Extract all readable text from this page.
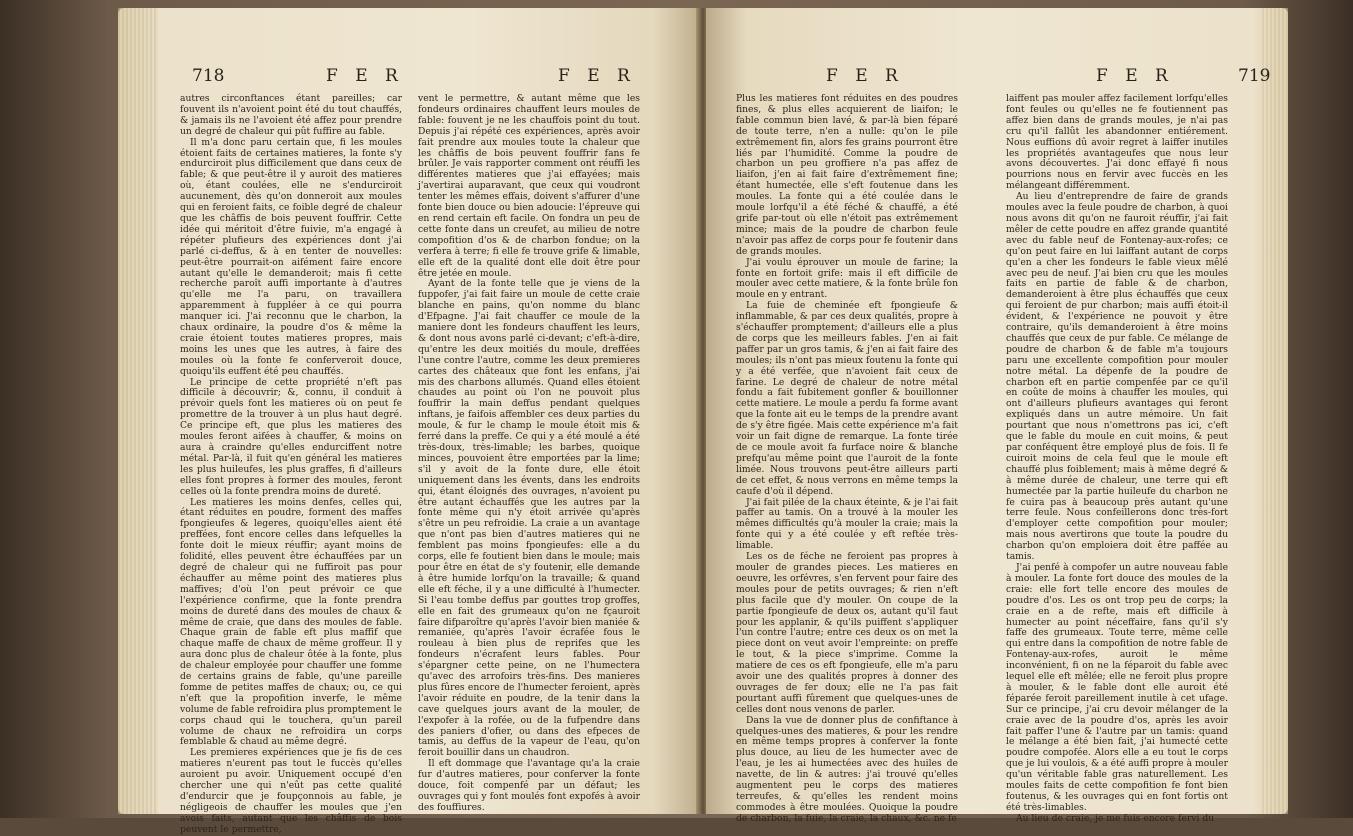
718	F E R	F E R

autres circonftances étant pareilles; car fouvent ils n'avoient point été du tout chauffés, & jamais ils ne l'avoient été affez pour prendre un degré de chaleur qui pût fuffire au fable.

Il m'a donc paru certain que, fi les moules étoient faits de certaines matieres, la fonte s'y endurciroit plus difficilement que dans ceux de fable; & que peut-être il y auroit des matieres où, étant coulées, elle ne s'endurciroit aucunement, dès qu'on donneroit aux moules qui en feroient faits, ce foible degré de chaleur que les châffis de bois peuvent fouffrir. Cette idée qui méritoit d'être fuivie, m'a engagé à répéter plufieurs des expériences dont j'ai parlé ci-deffus, & à en tenter de nouvelles: peut-être pourrait-on aifément faire encore autant qu'elle le demanderoit; mais fi cette recherche paroît auffi importante à d'autres qu'elle me l'a paru, on travaillera apparemment à fuppléer à ce qui pourra manquer ici. J'ai reconnu que le charbon, la chaux ordinaire, la poudre d'os & même la craie étoient toutes matieres propres, mais moins les unes que les autres, à faire des moules où la fonte fe conferveroit douce, quoiqu'ils euffent été peu chauffés.

Le principe de cette propriété n'eft pas difficile à découvrir; &, connu, il conduit à prévoir quels font les matieres où on peut fe promettre de la trouver à un plus haut degré. Ce principe eft, que plus les matieres des moules feront aifées à chauffer, & moins on aura à craindre qu'elles endurciffent notre métal. Par-là, il fuit qu'en général les matieres les plus huileufes, les plus graffes, fi d'ailleurs elles font propres à former des moules, feront celles où la fonte prendra moins de dureté.

Les matieres les moins denfes, celles qui, étant réduites en poudre, forment des maffes fpongieufes & legeres, quoiqu'elles aient été preffées, font encore celles dans lefquelles la fonte doit le mieux réuffir; ayant moins de folidité, elles peuvent être échauffées par un degré de chaleur qui ne fuffiroit pas pour échauffer au même point des matieres plus maffives; d'où l'on peut prévoir ce que l'expérience confirme, que la fonte prendra moins de dureté dans des moules de chaux & même de craie, que dans des moules de fable. Chaque grain de fable eft plus maffif que chaque maffe de chaux de même groffeur. Il y aura donc plus de chaleur ôtée à la fonte, plus de chaleur employée pour chauffer une fomme de certains grains de fable, qu'une pareille fomme de petites maffes de chaux; ou, ce qui n'eft que la propofition inverfe, le même volume de fable refroidira plus promptement le corps chaud qui le touchera, qu'un pareil volume de chaux ne refroidira un corps femblable & chaud au même degré.

Les premieres expériences que je fis de ces matieres n'eurent pas tout le fuccès qu'elles auroient pu avoir. Uniquement occupé d'en chercher une qui n'eût pas cette qualité d'endurcir que je foupçonnois au fable, je négligeois de chauffer les moules que j'en avois faits, autant que les châffis de bois peuvent le permettre,

vent le permettre, & autant même que les fondeurs ordinaires chauffent leurs moules de fable: fouvent je ne les chauffois point du tout. Depuis j'ai répété ces expériences, après avoir fait prendre aux moules toute la chaleur que les châffis de bois peuvent fouffrir fans fe brûler. Je vais rapporter comment ont réuffi les différentes matieres que j'ai effayées; mais j'avertirai auparavant, que ceux qui voudront tenter les mêmes effais, doivent s'affurer d'une fonte bien douce ou bien adoucie: l'épreuve qui en rend certain eft facile. On fondra un peu de cette fonte dans un creufet, au milieu de notre compofition d'os & de charbon fondue; on la verfera à terre; fi elle fe trouve grife & limable, elle eft de la qualité dont elle doit être pour être jetée en moule.

Ayant de la fonte telle que je viens de la fuppofer, j'ai fait faire un moule de cette craie blanche en pains, qu'on nomme du blanc d'Efpagne. J'ai fait chauffer ce moule de la maniere dont les fondeurs chauffent les leurs, & dont nous avons parlé ci-devant; c'eft-à-dire, qu'entre les deux moitiés du moule, dreffées l'une contre l'autre, comme les deux premieres cartes des châteaux que font les enfans, j'ai mis des charbons allumés. Quand elles étoient chaudes au point où l'on ne pouvoit plus fouffrir la main deffus pendant quelques inftans, je faifois affembler ces deux parties du moule, & fur le champ le moule étoit mis & ferré dans la preffe. Ce qui y a été moulé a été très-doux, très-limable; les barbes, quoique minces, pouvoient être emportées par la lime; s'il y avoit de la fonte dure, elle étoit uniquement dans les évents, dans les endroits qui, étant éloignés des ouvrages, n'avoient pu être autant échauffés que les autres par la fonte même qui n'y étoit arrivée qu'après s'être un peu refroidie. La craie a un avantage que n'ont pas bien d'autres matieres qui ne femblent pas moins fpongieufes: elle a du corps, elle fe foutient bien dans le moule; mais pour être en état de s'y foutenir, elle demande à être humide lorfqu'on la travaille; & quand elle eft féche, il y a une difficulté à l'humecter. Si l'eau tombe deffus par gouttes trop groffes, elle en fait des grumeaux qu'on ne fçauroit faire difparoître qu'après l'avoir bien maniée & remaniée, qu'après l'avoir écrafée fous le rouleau à bien plus de reprifes que les fondeurs n'écrafent leurs fables. Pour s'épargner cette peine, on ne l'humectera qu'avec des arrofoirs très-fins. Des manieres plus fûres encore de l'humecter feroient, après l'avoir réduite en poudre, de la tenir dans la cave quelques jours avant de la mouler, de l'expofer à la rofée, ou de la fufpendre dans des paniers d'ofier, ou dans des efpeces de tamis, au deffus de la vapeur de l'eau, qu'on feroit bouillir dans un chaudron.

Il eft dommage que l'avantage qu'a la craie fur d'autres matieres, pour conferver la fonte douce, foit compenfé par un défaut; les ouvrages qui y font moulés font expofés à avoir des fouffiures.

F E R	F E R	719

Plus les matieres font réduites en des poudres fines, & plus elles acquierent de liaifon; le fable commun bien lavé, & par-là bien féparé de toute terre, n'en a nulle: qu'on le pile extrêmement fin, alors fes grains pourront être liés par l'humidité. Comme la poudre de charbon un peu groffiere n'a pas affez de liaifon, j'en ai fait faire d'extrêmement fine; étant humectée, elle s'eft foutenue dans les moules. La fonte qui a été coulée dans le moule lorfqu'il a été féché & chauffé, a été grife par-tout où elle n'étoit pas extrêmement mince; mais de la poudre de charbon feule n'avoir pas affez de corps pour fe foutenir dans de grands moules.

J'ai voulu éprouver un moule de farine; la fonte en fortoit grife: mais il eft difficile de mouler avec cette matiere, & la fonte brûle fon moule en y entrant.

La fuie de cheminée eft fpongieufe & inflammable, & par ces deux qualités, propre à s'échauffer promptement; d'ailleurs elle a plus de corps que les meilleurs fables. J'en ai fait paffer par un gros tamis, & j'en ai fait faire des moules; ils n'ont pas mieux foutenu la fonte qui y a été verfée, que n'avoient fait ceux de farine. Le degré de chaleur de notre métal fondu a fait fubitement gonfler & bouillonner cette matiere. Le moule a perdu fa forme avant que la fonte ait eu le temps de la prendre avant de s'y être figée. Mais cette expérience m'a fait voir un fait digne de remarque. La fonte tirée de ce moule avoit fa furface noire & blanche prefqu'au même point que l'auroit de la fonte limée. Nous trouvons peut-être ailleurs parti de cet effet, & nous verrons en même temps la caufe d'où il dépend.

J'ai fait pilée de la chaux éteinte, & je l'ai fait paffer au tamis. On a trouvé à la mouler les mêmes difficultés qu'à mouler la craie; mais la fonte qui y a été coulée y eft reftée très-limable.

Les os de féche ne feroient pas propres à mouler de grandes pieces. Les matieres en oeuvre, les orfévres, s'en fervent pour faire des moules pour de petits ouvrages; & rien n'eft plus facile que d'y mouler. On coupe de la partie fpongieufe de deux os, autant qu'il faut pour les applanir, & qu'ils puiffent s'appliquer l'un contre l'autre; entre ces deux os on met la piece dont on veut avoir l'empreinte: on preffe le tout, & la piece s'imprime. Comme la matiere de ces os eft fpongieufe, elle m'a paru avoir une des qualités propres à donner des ouvrages de fer doux; elle ne l'a pas fait pourtant auffi fûrement que quelques-unes de celles dont nous venons de parler.

Dans la vue de donner plus de confiftance à quelques-unes des matieres, & pour les rendre en même temps propres à conferver la fonte plus douce, au lieu de les humecter avec de l'eau, je les ai humectées avec des huiles de navette, de lin & autres: j'ai trouvé qu'elles augmentent peu le corps des matieres terreufes, & qu'elles les rendent moins commodes à être moulées. Quoique la poudre de charbon, la fuie, la craie, la chaux, &c. ne fe

laiffent pas mouler affez facilement lorfqu'elles font feules ou qu'elles ne fe foutiennent pas affez bien dans de grands moules, je n'ai pas cru qu'il fallût les abandonner entiérement. Nous euffions dû avoir regret à laiffer inutiles les propriétés avantageufes que nous leur avons découvertes. J'ai donc effayé fi nous pourrions nous en fervir avec fuccès en les mélangeant différemment.

Au lieu d'entreprendre de faire de grands moules avec la feule poudre de charbon, à quoi nous avons dit qu'on ne fauroit réuffir, j'ai fait mêler de cette poudre en affez grande quantité avec du fable neuf de Fontenay-aux-rofes; ce qu'on peut faire en lui laiffant autant de corps qu'en a cher les fondeurs le fable vieux mêlé avec peu de neuf. J'ai bien cru que les moules faits en partie de fable & de charbon, demanderoient à être plus échauffés que ceux qui feroient de pur charbon; mais auffi étoit-il évident, & l'expérience ne pouvoit y être contraire, qu'ils demanderoient à être moins chauffés que ceux de pur fable. Ce mélange de poudre de charbon & de fable m'a toujours paru une excellente compofition pour mouler notre métal. La dépenfe de la poudre de charbon eft en partie compenfée par ce qu'il en coûte de moins à chauffer les moules, qui ont d'ailleurs plufieurs avantages qui feront expliqués dans un autre mémoire. Un fait pourtant que nous n'omettrons pas ici, c'eft que le fable du moule en cuit moins, & peut par conféquent être employé plus de fois. Il fe cuiroit moins de cela feul que le moule eft chauffé plus foiblement; mais à même degré & à même durée de chaleur, une terre qui eft humectée par la partie huileufe du charbon ne fe cuira pas à beaucoup près autant qu'une terre feule. Nous confeillerons donc très-fort d'employer cette compofition pour mouler; mais nous avertirons que toute la poudre du charbon qu'on emploiera doit être paffée au tamis.

J'ai penfé à compofer un autre nouveau fable à mouler. La fonte fort douce des moules de la craie: elle fort telle encore des moules de poudre d'os. Les os ont trop peu de corps; la craie en a de refte, mais eft difficile à humecter au point néceffaire, fans qu'il s'y faffe des grumeaux. Toute terre, même celle qui entre dans la compofition de notre fable de Fontenay-aux-rofes, auroit le même inconvénient, fi on ne la féparoit du fable avec lequel elle eft mêlée; elle ne feroit plus propre à mouler, & le fable dont elle auroit été féparée feroit pareillement inutile à cet ufage. Sur ce principe, j'ai cru devoir mélanger de la craie avec de la poudre d'os, après les avoir fait paffer l'une & l'autre par un tamis: quand le mélange a été bien fait, j'ai humecté cette poudre compofée. Alors elle a eu tout le corps que je lui voulois, & a été auffi propre à mouler qu'un véritable fable gras naturellement. Les moules faits de cette compofition fe font bien foutenus, & les ouvrages qui en font fortis ont été très-limables.

Au lieu de craie, je me fuis encore fervi du
